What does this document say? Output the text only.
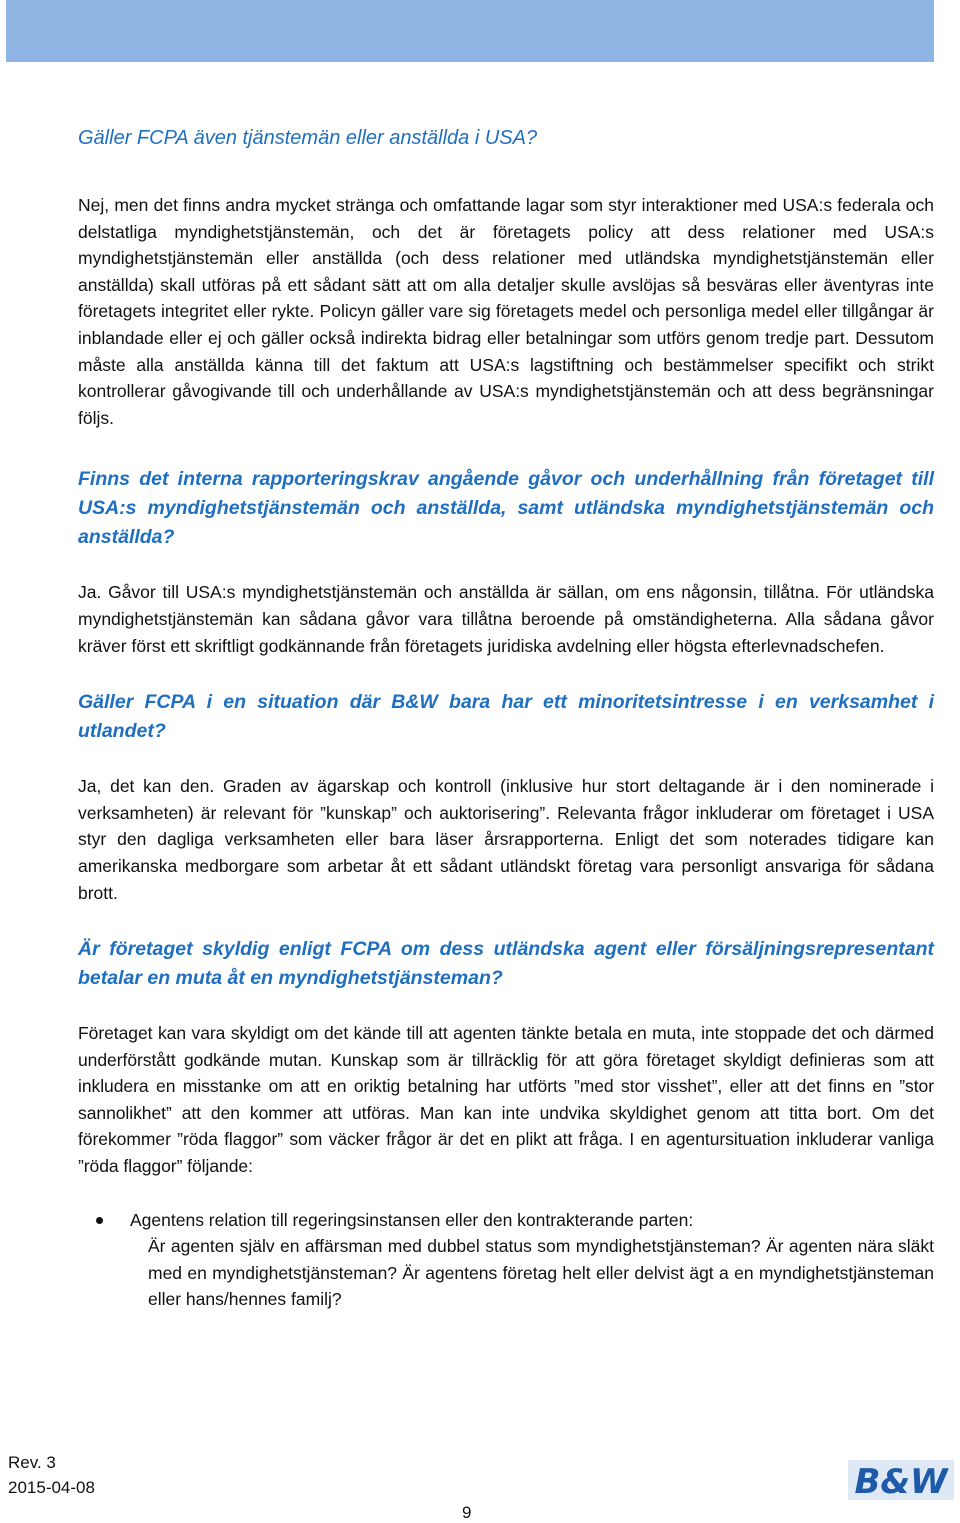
Gäller FCPA även tjänstemän eller anställda i USA?

Nej, men det finns andra mycket stränga och omfattande lagar som styr interaktioner med USA:s federala och delstatliga myndighetstjänstemän, och det är företagets policy att dess relationer med USA:s myndighetstjänstemän eller anställda (och dess relationer med utländska myndighetstjänstemän eller anställda) skall utföras på ett sådant sätt att om alla detaljer skulle avslöjas så besväras eller äventyras inte företagets integritet eller rykte. Policyn gäller vare sig företagets medel och personliga medel eller tillgångar är inblandade eller ej och gäller också indirekta bidrag eller betalningar som utförs genom tredje part. Dessutom måste alla anställda känna till det faktum att USA:s lagstiftning och bestämmelser specifikt och strikt kontrollerar gåvogivande till och underhållande av USA:s myndighetstjänstemän och att dess begränsningar följs.

Finns det interna rapporteringskrav angående gåvor och underhållning från företaget till USA:s myndighetstjänstemän och anställda, samt utländska myndighetstjänstemän och anställda?

Ja. Gåvor till USA:s myndighetstjänstemän och anställda är sällan, om ens någonsin, tillåtna. För utländska myndighetstjänstemän kan sådana gåvor vara tillåtna beroende på omständigheterna. Alla sådana gåvor kräver först ett skriftligt godkännande från företagets juridiska avdelning eller högsta efterlevnadschefen.

Gäller FCPA i en situation där B&W bara har ett minoritetsintresse i en verksamhet i utlandet?

Ja, det kan den. Graden av ägarskap och kontroll (inklusive hur stort deltagande är i den nominerade i verksamheten) är relevant för ”kunskap” och auktorisering”. Relevanta frågor inkluderar om företaget i USA styr den dagliga verksamheten eller bara läser årsrapporterna. Enligt det som noterades tidigare kan amerikanska medborgare som arbetar åt ett sådant utländskt företag vara personligt ansvariga för sådana brott.

Är företaget skyldig enligt FCPA om dess utländska agent eller försäljningsrepresentant betalar en muta åt en myndighetstjänsteman?

Företaget kan vara skyldigt om det kände till att agenten tänkte betala en muta, inte stoppade det och därmed underförstått godkände mutan. Kunskap som är tillräcklig för att göra företaget skyldigt definieras som att inkludera en misstanke om att en oriktig betalning har utförts ”med stor visshet”, eller att det finns en ”stor sannolikhet” att den kommer att utföras. Man kan inte undvika skyldighet genom att titta bort. Om det förekommer ”röda flaggor” som väcker frågor är det en plikt att fråga. I en agentursituation inkluderar vanliga ”röda flaggor” följande:

Agentens relation till regeringsinstansen eller den kontrakterande parten:

Är agenten själv en affärsman med dubbel status som myndighetstjänsteman? Är agenten nära släkt med en myndighetstjänsteman? Är agentens företag helt eller delvist ägt a en myndighetstjänsteman eller hans/hennes familj?

Rev. 3
2015-04-08
9
B&W
